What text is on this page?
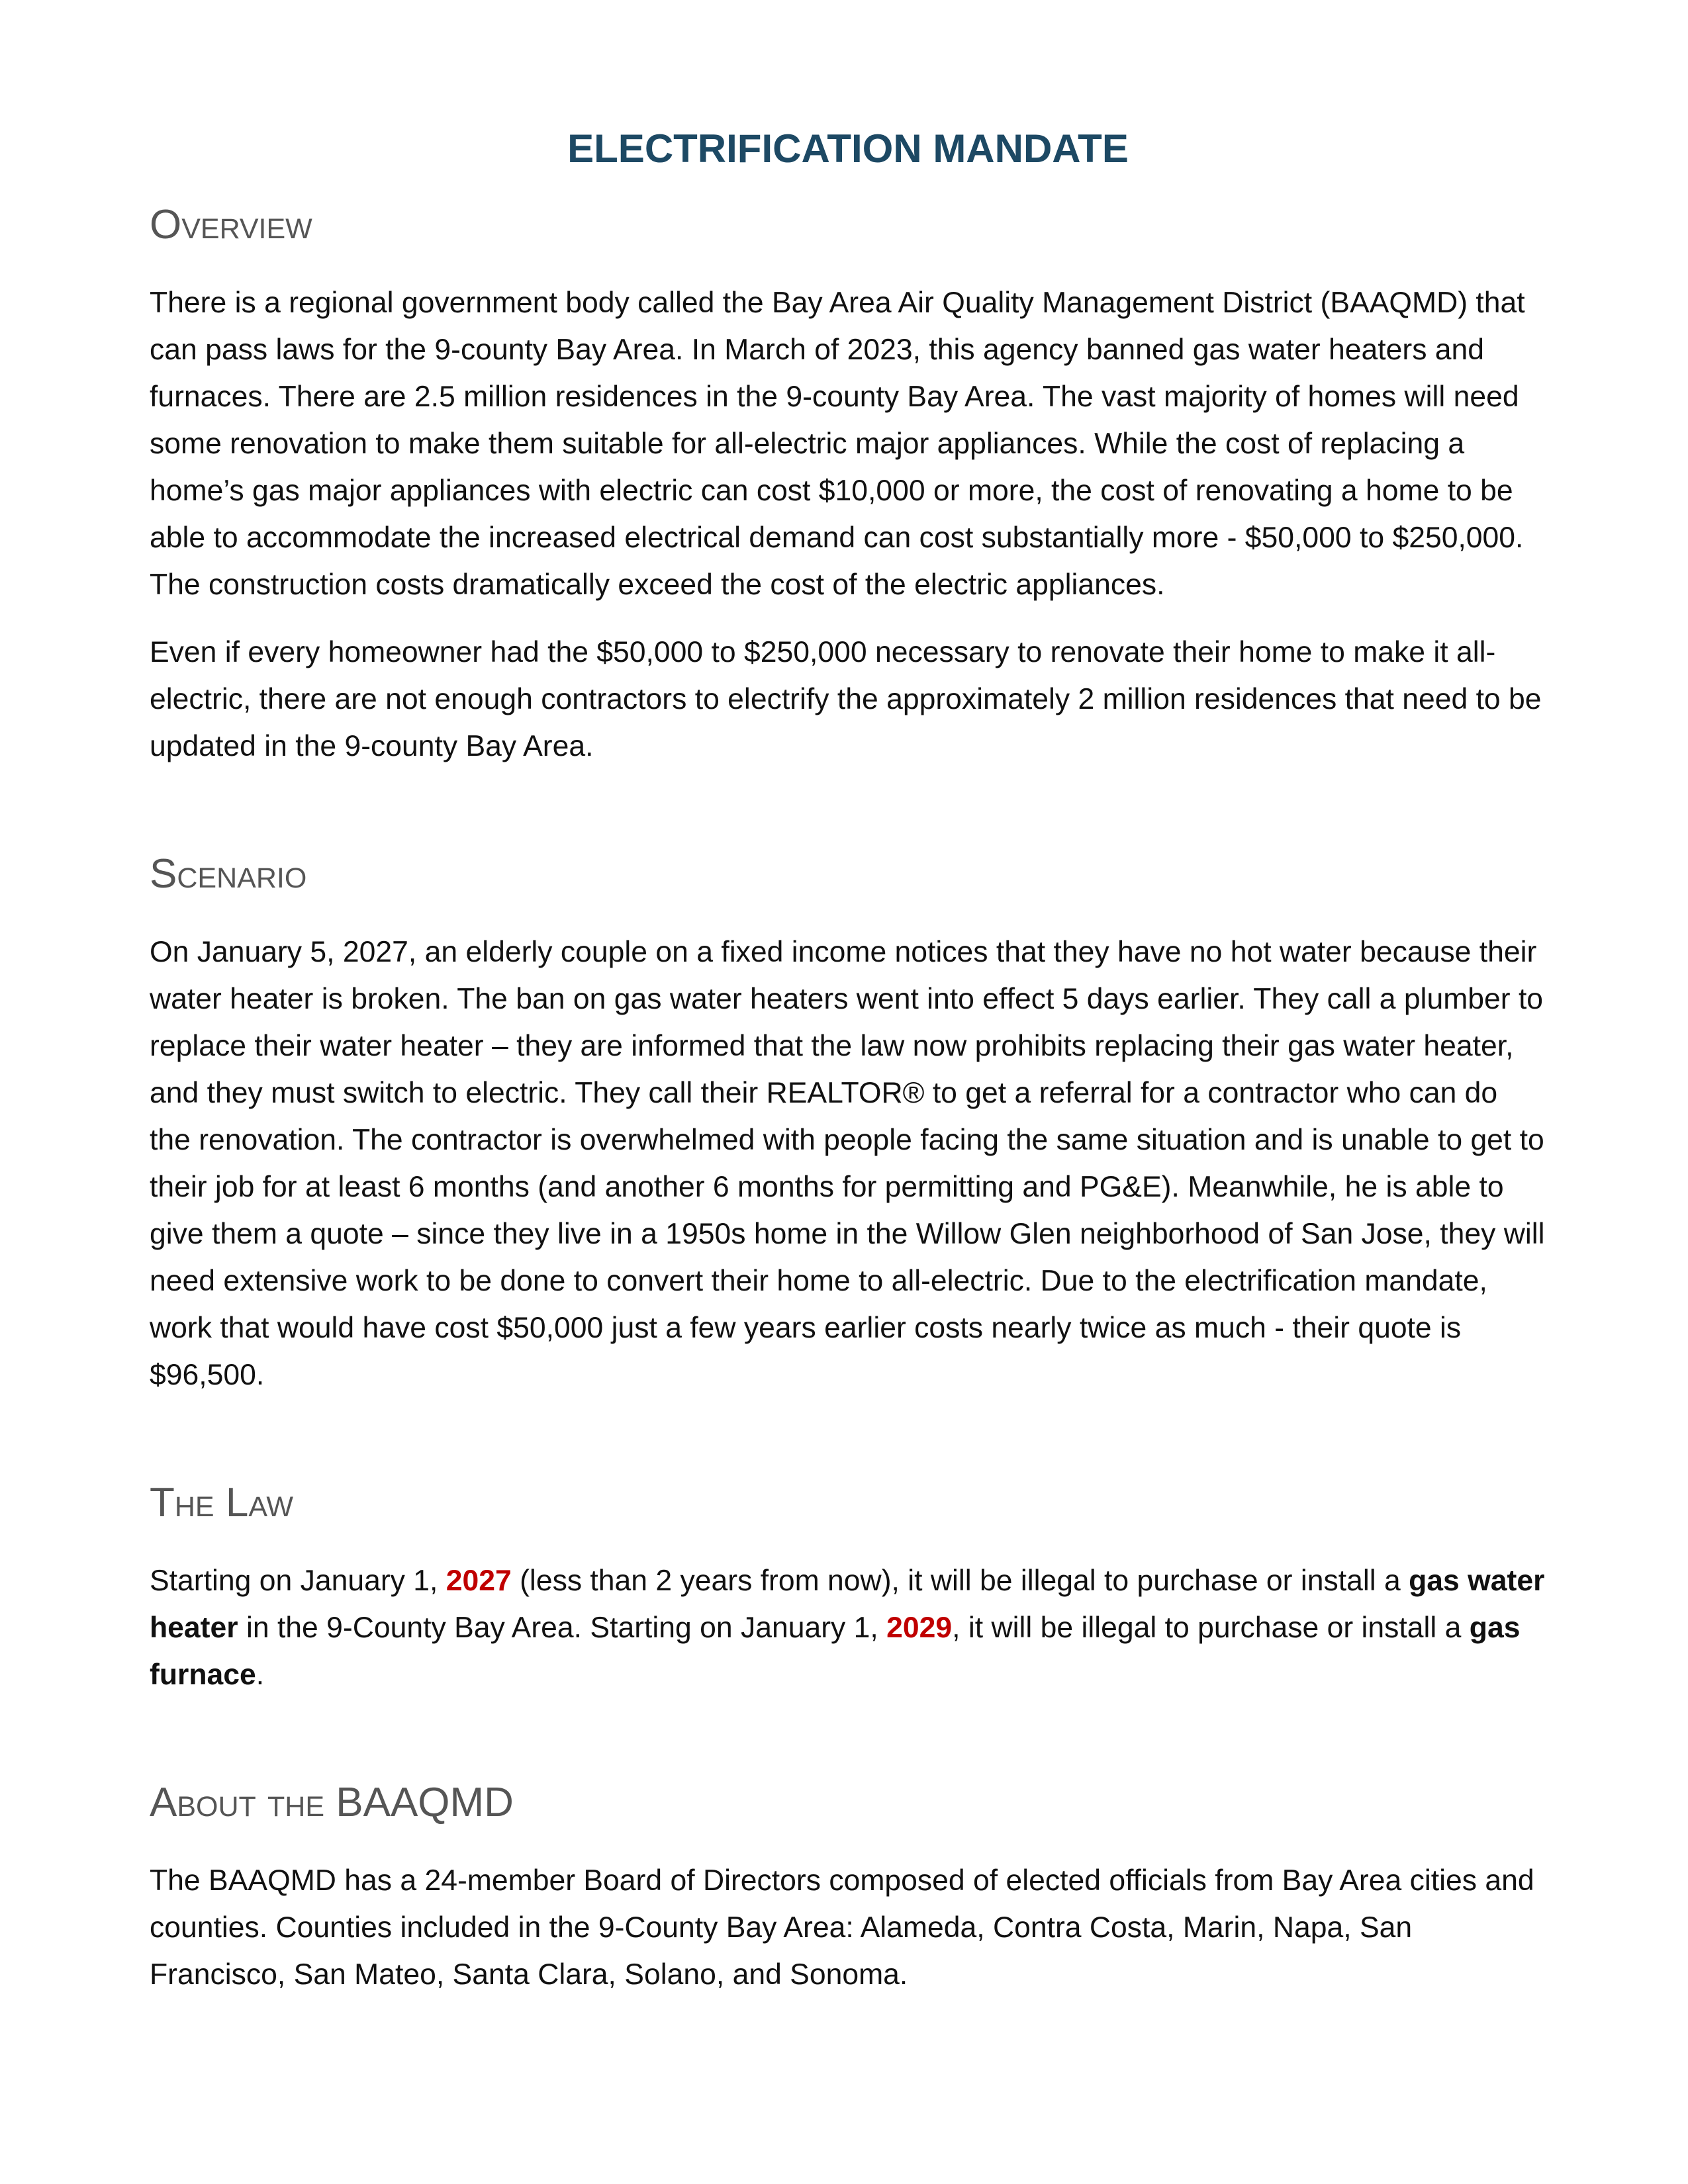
ELECTRIFICATION MANDATE
Overview

There is a regional government body called the Bay Area Air Quality Management District (BAAQMD) that can pass laws for the 9-county Bay Area. In March of 2023, this agency banned gas water heaters and furnaces. There are 2.5 million residences in the 9-county Bay Area. The vast majority of homes will need some renovation to make them suitable for all-electric major appliances. While the cost of replacing a home’s gas major appliances with electric can cost $10,000 or more, the cost of renovating a home to be able to accommodate the increased electrical demand can cost substantially more - $50,000 to $250,000. The construction costs dramatically exceed the cost of the electric appliances.

Even if every homeowner had the $50,000 to $250,000 necessary to renovate their home to make it all-electric, there are not enough contractors to electrify the approximately 2 million residences that need to be updated in the 9-county Bay Area.

Scenario

On January 5, 2027, an elderly couple on a fixed income notices that they have no hot water because their water heater is broken. The ban on gas water heaters went into effect 5 days earlier. They call a plumber to replace their water heater – they are informed that the law now prohibits replacing their gas water heater, and they must switch to electric. They call their REALTOR® to get a referral for a contractor who can do the renovation. The contractor is overwhelmed with people facing the same situation and is unable to get to their job for at least 6 months (and another 6 months for permitting and PG&E). Meanwhile, he is able to give them a quote – since they live in a 1950s home in the Willow Glen neighborhood of San Jose, they will need extensive work to be done to convert their home to all-electric. Due to the electrification mandate, work that would have cost $50,000 just a few years earlier costs nearly twice as much - their quote is $96,500.

The Law

Starting on January 1, 2027 (less than 2 years from now), it will be illegal to purchase or install a gas water heater in the 9-County Bay Area. Starting on January 1, 2029, it will be illegal to purchase or install a gas furnace.

About the BAAQMD

The BAAQMD has a 24-member Board of Directors composed of elected officials from Bay Area cities and counties. Counties included in the 9-County Bay Area: Alameda, Contra Costa, Marin, Napa, San Francisco, San Mateo, Santa Clara, Solano, and Sonoma.
